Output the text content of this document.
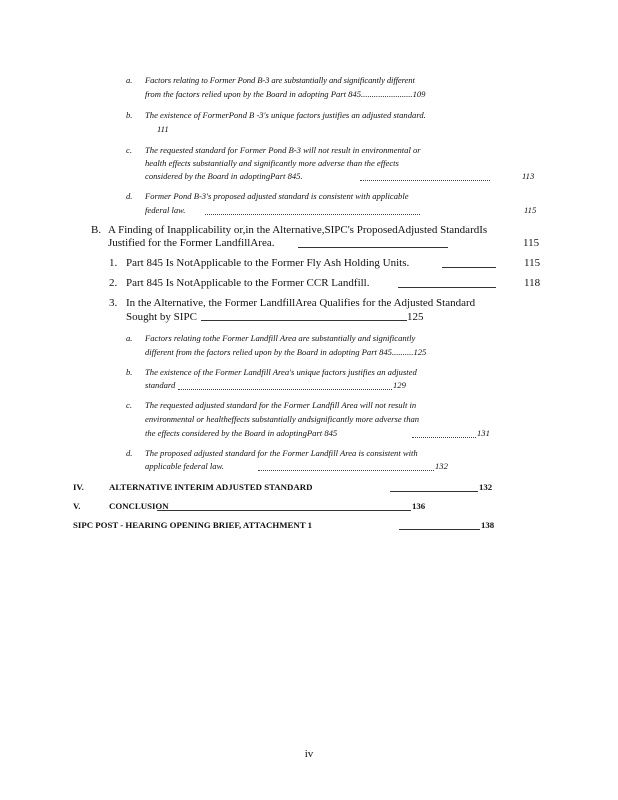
a. Factors relating to Former Pond B-3 are substantially and significantly different
from the factors relied upon by the Board in adopting Part 845........................109
b. The existence of FormerPond B -3's unique factors justifies an adjusted standard.
111
c. The requested standard for Former Pond B-3 will not result in environmental or
health effects substantially and significantly more adverse than the effects
considered by the Board in adoptingPart 845.	113
d. Former Pond B-3's proposed adjusted standard is consistent with applicable
federal law.	115
B. A Finding of Inapplicability or,in the Alternative,SIPC's ProposedAdjusted StandardIs
Justified for the Former LandfillArea.	115
1. Part 845 Is NotApplicable to the Former Fly Ash Holding Units.	115
2. Part 845 Is NotApplicable to the Former CCR Landfill.	118
3. In the Alternative, the Former LandfillArea Qualifies for the Adjusted Standard
Sought by SIPC	125
a. Factors relating tothe Former Landfill Area are substantially and significantly
different from the factors relied upon by the Board in adopting Part 845..........125
b. The existence of the Former Landfill Area's unique factors justifies an adjusted
standard	129
c. The requested adjusted standard for the Former Landfill Area will not result in
environmental or healtheffects substantially andsignificantly more adverse than
the effects considered by the Board in adoptingPart 845	131
d. The proposed adjusted standard for the Former Landfill Area is consistent with
applicable federal law.	132
IV.	ALTERNATIVE INTERIM ADJUSTED STANDARD	132
V.	CONCLUSION	136
SIPC POST - HEARING OPENING BRIEF, ATTACHMENT 1	138
iv
